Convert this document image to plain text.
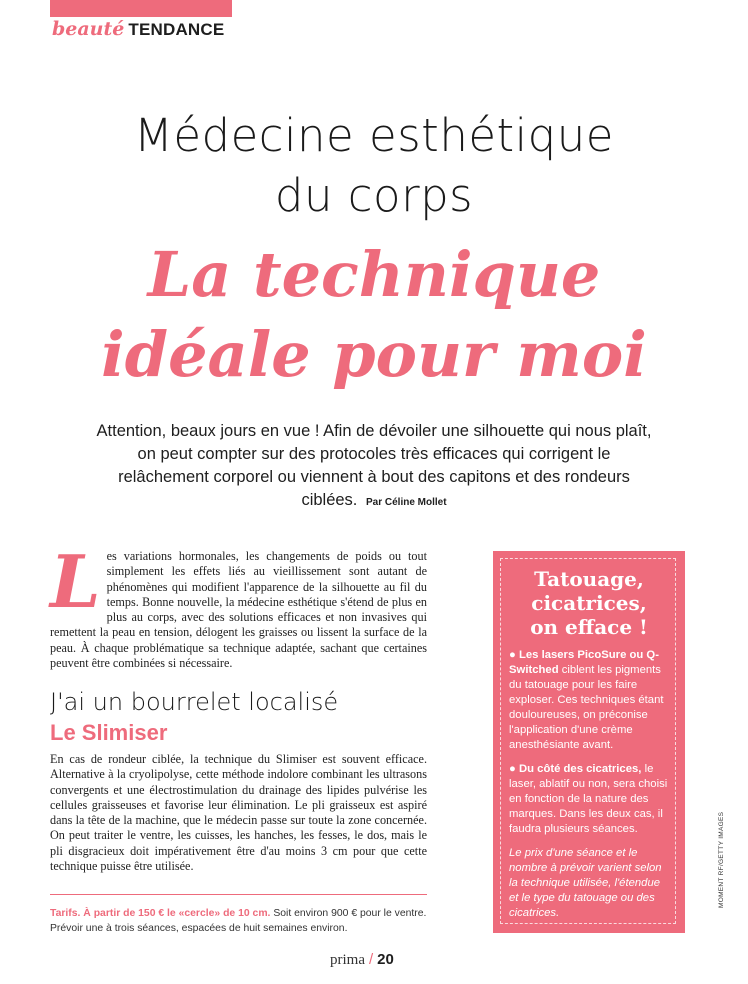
beauté TENDANCE
Médecine esthétique
du corps
La technique
idéale pour moi
Attention, beaux jours en vue ! Afin de dévoiler une silhouette qui nous plaît, on peut compter sur des protocoles très efficaces qui corrigent le relâchement corporel ou viennent à bout des capitons et des rondeurs ciblées. Par Céline Mollet
Les variations hormonales, les changements de poids ou tout simplement les effets liés au vieillissement sont autant de phénomènes qui modifient l'apparence de la silhouette au fil du temps. Bonne nouvelle, la médecine esthétique s'étend de plus en plus au corps, avec des solutions efficaces et non invasives qui remettent la peau en tension, délogent les graisses ou lissent la surface de la peau. À chaque problématique sa technique adaptée, sachant que certaines peuvent être combinées si nécessaire.
J'ai un bourrelet localisé
Le Slimiser
En cas de rondeur ciblée, la technique du Slimiser est souvent efficace. Alternative à la cryolipolyse, cette méthode indolore combinant les ultrasons convergents et une électrostimulation du drainage des lipides pulvérise les cellules graisseuses et favorise leur élimination. Le pli graisseux est aspiré dans la tête de la machine, que le médecin passe sur toute la zone concernée. On peut traiter le ventre, les cuisses, les hanches, les fesses, le dos, mais le pli disgracieux doit impérativement être d'au moins 3 cm pour que cette technique puisse être utilisée.
Tarifs. À partir de 150 € le «cercle» de 10 cm. Soit environ 900 € pour le ventre. Prévoir une à trois séances, espacées de huit semaines environ.
Tatouage,
cicatrices,
on efface !
● Les lasers PicoSure ou Q-Switched ciblent les pigments du tatouage pour les faire exploser. Ces techniques étant douloureuses, on préconise l'application d'une crème anesthésiante avant.
● Du côté des cicatrices, le laser, ablatif ou non, sera choisi en fonction de la nature des marques. Dans les deux cas, il faudra plusieurs séances.
Le prix d'une séance et le nombre à prévoir varient selon la technique utilisée, l'étendue et le type du tatouage ou des cicatrices.
MOMENT RF/GETTY IMAGES
prima / 20
